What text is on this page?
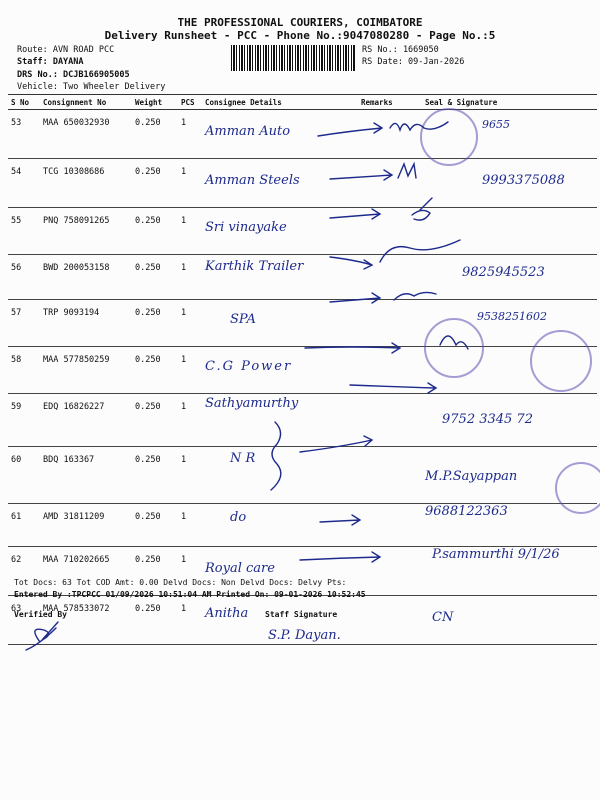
THE PROFESSIONAL COURIERS, COIMBATORE
Delivery Runsheet - PCC - Phone No.:9047080280 - Page No.:5
Route: AVN ROAD PCC
Staff: DAYANA
DRS No.: DCJB166905005
Vehicle: Two Wheeler Delivery
RS No.: 1669050
RS Date: 09-Jan-2026
S No	Consignment No	Weight	PCS	Consignee Details	Remarks	Seal & Signature
53	MAA 650032930	0.250	1	Amman Auto		9655
54	TCG 10308686	0.250	1	Amman Steels		9993375088
55	PNQ 758091265	0.250	1	Sri vinayake		
56	BWD 200053158	0.250	1	Karthik Trailer		9825945523
57	TRP 9093194	0.250	1	SPA		9538251602
58	MAA 577850259	0.250	1	C.G Power		
59	EDQ 16826227	0.250	1	Sathyamurthy		9752 3345 72
60	BDQ 163367	0.250	1	N R		M.P.Sayappan
61	AMD 31811209	0.250	1	do		9688122363
62	MAA 710202665	0.250	1	Royal care		P.sammurthi 9/1/26
63	MAA 578533072	0.250	1	Anitha		CN
Tot Docs: 63 Tot COD Amt: 0.00 Delvd Docs: Non Delvd Docs: Delvy Pts:
Entered By :TPCPCC 01/09/2026 10:51:04 AM Printed On: 09-01-2026 10:52:45
Verified By	Staff Signature
S.P. Dayan.
